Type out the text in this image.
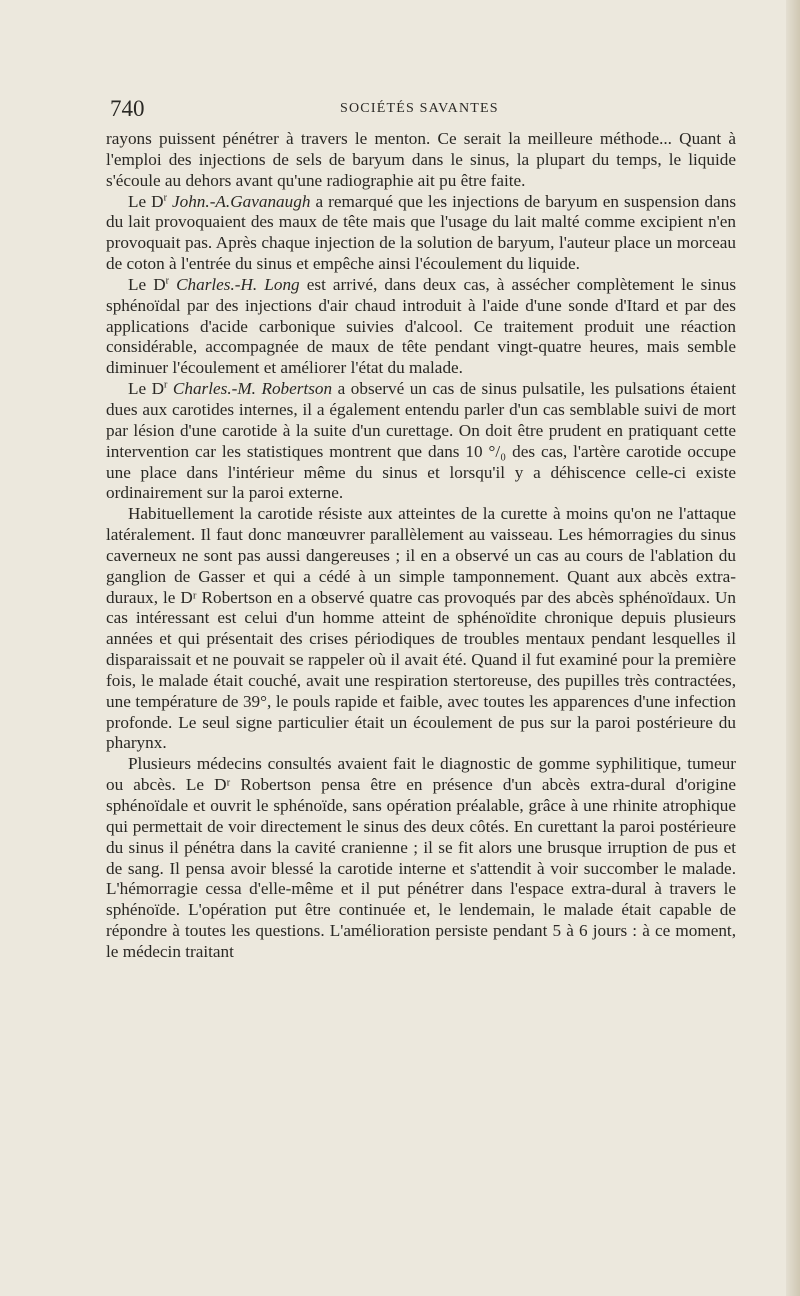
740	SOCIÉTÉS SAVANTES

rayons puissent pénétrer à travers le menton. Ce serait la meilleure méthode... Quant à l'emploi des injections de sels de baryum dans le sinus, la plupart du temps, le liquide s'écoule au dehors avant qu'une radiographie ait pu être faite.

Le $D^r$ John.-A.Gavanaugh a remarqué que les injections de baryum en suspension dans du lait provoquaient des maux de tête mais que l'usage du lait malté comme excipient n'en provoquait pas. Après chaque injection de la solution de baryum, l'auteur place un morceau de coton à l'entrée du sinus et empêche ainsi l'écoulement du liquide.

Le $D^r$ Charles.-H. Long est arrivé, dans deux cas, à assécher complètement le sinus sphénoïdal par des injections d'air chaud introduit à l'aide d'une sonde d'Itard et par des applications d'acide carbonique suivies d'alcool. Ce traitement produit une réaction considérable, accompagnée de maux de tête pendant vingt-quatre heures, mais semble diminuer l'écoulement et améliorer l'état du malade.

Le $D^r$ Charles.-M. Robertson a observé un cas de sinus pulsatile, les pulsations étaient dues aux carotides internes, il a également entendu parler d'un cas semblable suivi de mort par lésion d'une carotide à la suite d'un curettage. On doit être prudent en pratiquant cette intervention car les statistiques montrent que dans 10 °/₀ des cas, l'artère carotide occupe une place dans l'intérieur même du sinus et lorsqu'il y a déhiscence celle-ci existe ordinairement sur la paroi externe.

Habituellement la carotide résiste aux atteintes de la curette à moins qu'on ne l'attaque latéralement. Il faut donc manœuvrer parallèlement au vaisseau. Les hémorragies du sinus caverneux ne sont pas aussi dangereuses ; il en a observé un cas au cours de l'ablation du ganglion de Gasser et qui a cédé à un simple tamponnement. Quant aux abcès extra-duraux, le Dʳ Robertson en a observé quatre cas provoqués par des abcès sphénoïdaux. Un cas intéressant est celui d'un homme atteint de sphénoïdite chronique depuis plusieurs années et qui présentait des crises périodiques de troubles mentaux pendant lesquelles il disparaissait et ne pouvait se rappeler où il avait été. Quand il fut examiné pour la première fois, le malade était couché, avait une respiration stertoreuse, des pupilles très contractées, une température de 39°, le pouls rapide et faible, avec toutes les apparences d'une infection profonde. Le seul signe particulier était un écoulement de pus sur la paroi postérieure du pharynx.

Plusieurs médecins consultés avaient fait le diagnostic de gomme syphilitique, tumeur ou abcès. Le Dʳ Robertson pensa être en présence d'un abcès extra-dural d'origine sphénoïdale et ouvrit le sphénoïde, sans opération préalable, grâce à une rhinite atrophique qui permettait de voir directement le sinus des deux côtés. En curettant la paroi postérieure du sinus il pénétra dans la cavité cranienne ; il se fit alors une brusque irruption de pus et de sang. Il pensa avoir blessé la carotide interne et s'attendit à voir succomber le malade. L'hémorragie cessa d'elle-même et il put pénétrer dans l'espace extra-dural à travers le sphénoïde. L'opération put être continuée et, le lendemain, le malade était capable de répondre à toutes les questions. L'amélioration persiste pendant 5 à 6 jours : à ce moment, le médecin traitant
